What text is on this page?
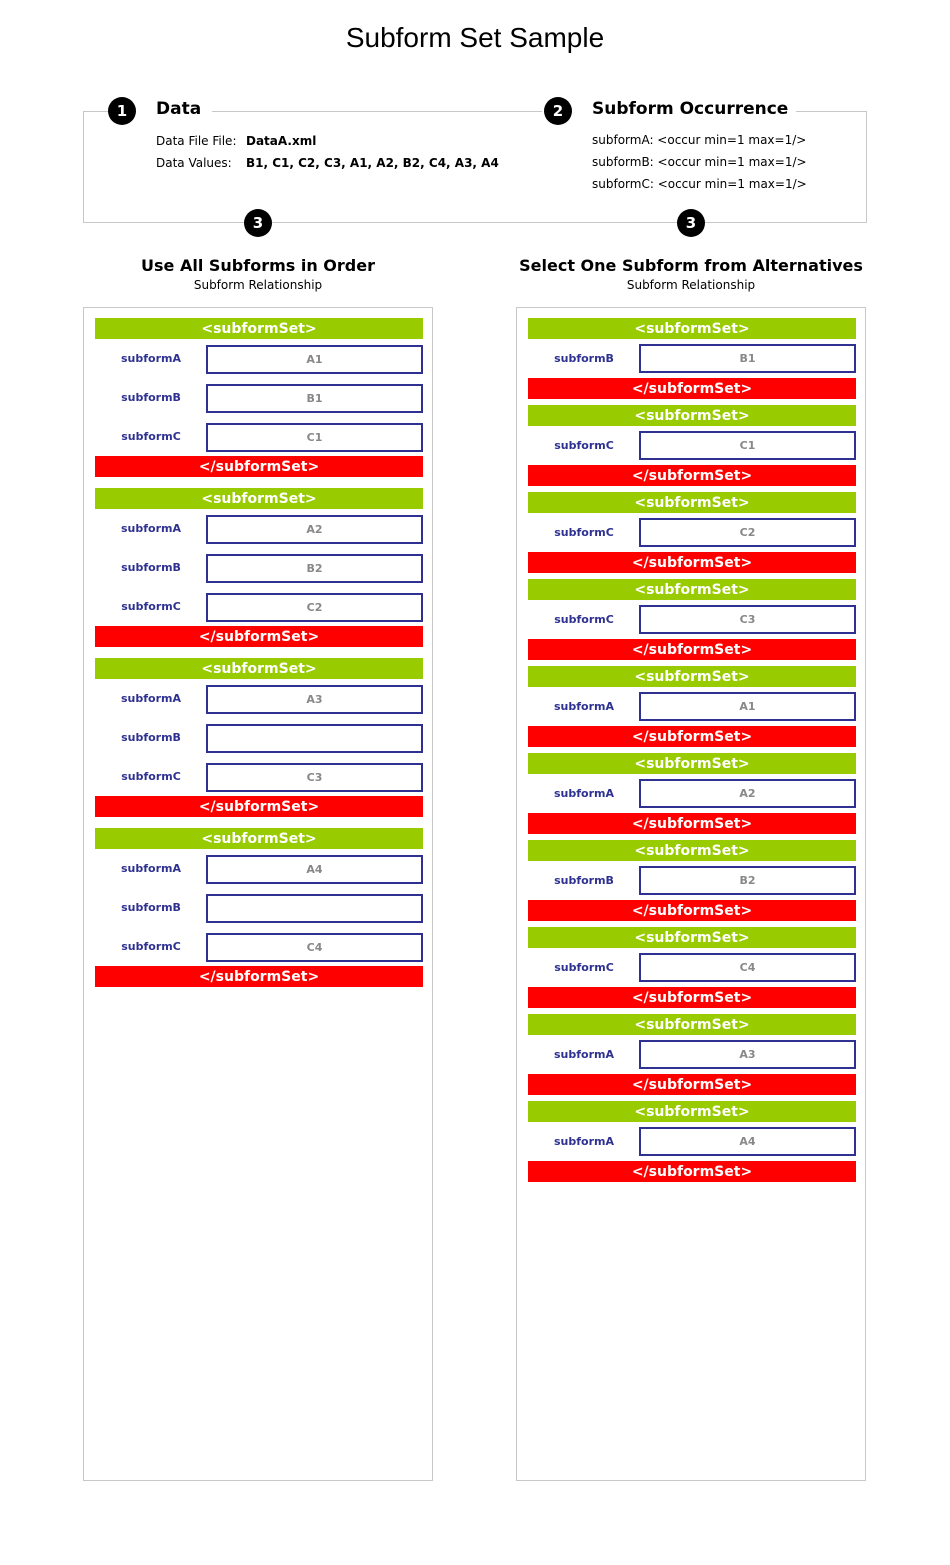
Subform Set Sample
1	Data
Data File File: DataA.xml
Data Values: B1, C1, C2, C3, A1, A2, B2, C4, A3, A4
2	Subform Occurrence
subformA: <occur min=1 max=1/>
subformB: <occur min=1 max=1/>
subformC: <occur min=1 max=1/>
3	3
Use All Subforms in Order
Subform Relationship
Select One Subform from Alternatives
Subform Relationship
<subformSet>
subformA	A1
subformB	B1
subformC	C1
</subformSet>
<subformSet>
subformA	A2
subformB	B2
subformC	C2
</subformSet>
<subformSet>
subformA	A3
subformB
subformC	C3
</subformSet>
<subformSet>
subformA	A4
subformB
subformC	C4
</subformSet>
<subformSet>
subformB	B1
</subformSet>
<subformSet>
subformC	C1
</subformSet>
<subformSet>
subformC	C2
</subformSet>
<subformSet>
subformC	C3
</subformSet>
<subformSet>
subformA	A1
</subformSet>
<subformSet>
subformA	A2
</subformSet>
<subformSet>
subformB	B2
</subformSet>
<subformSet>
subformC	C4
</subformSet>
<subformSet>
subformA	A3
</subformSet>
<subformSet>
subformA	A4
</subformSet>
